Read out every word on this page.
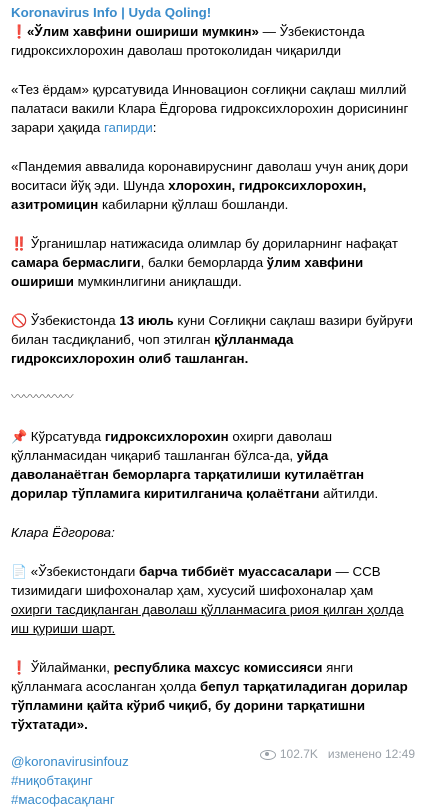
Koronavirus Info | Uyda Qoling!

❗«Ўлим хавфини ошириши мумкин» — Ўзбекистонда гидроксихлорохин даволаш протоколидан чиқарилди

«Тез ёрдам» қурсатувида Инновацион соғлиқни сақлаш миллий палатаси вакили Клара Ёдгорова гидроксихлорохин дорисининг зарари ҳақида гапирди:

«Пандемия аввалида коронавируснинг даволаш учун аниқ дори воситаси йўқ эди. Шунда хлорохин, гидроксихлорохин, азитромицин кабиларни қўллаш бошланди.

‼️ Ўрганишлар натижасида олимлар бу дориларнинг нафақат самара бермаслиги, балки беморларда ўлим хавфини ошириши мумкинлигини аниқлашди.

🚫 Ўзбекистонда 13 июль куни Соғлиқни сақлаш вазири буйруғи билан тасдиқланиб, чоп этилган қўлланмада гидроксихлорохин олиб ташланган.

〰〰〰〰〰

📌 Кўрсатувда гидроксихлорохин охирги даволаш қўлланмасидан чиқариб ташланган бўлса-да, уйда даволанаётган беморларга тарқатилиши кутилаётган дорилар тўпламига киритилганича қолаётгани айтилди.

Клара Ёдгорова:

📄 «Ўзбекистондаги барча тиббиёт муассасалари — ССВ тизимидаги шифохоналар ҳам, хусусий шифохоналар ҳам охирги тасдиқланган даволаш қўлланмасига риоя қилган ҳолда иш қуриши шарт.

❗ Ўйлайманки, республика махсус комиссияси янги қўлланмага асосланган ҳолда бепул тарқатиладиган дорилар тўпламини қайта кўриб чиқиб, бу дорини тарқатишни тўхтатади».

@koronavirusinfouz
#ниқобтақинг
#масофасақланг
102.7K изменено 12:49
